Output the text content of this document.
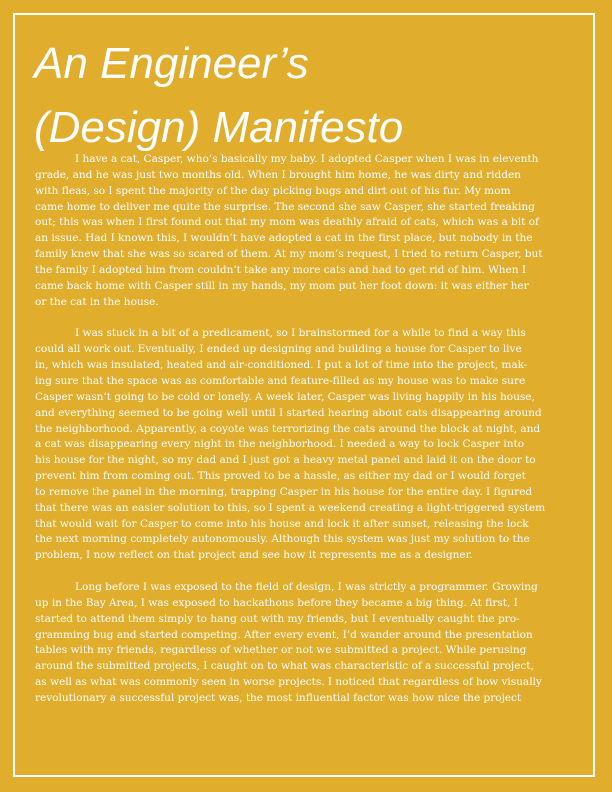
An Engineer’s
(Design) Manifesto

I have a cat, Casper, who’s basically my baby. I adopted Casper when I was in eleventh
grade, and he was just two months old. When I brought him home, he was dirty and ridden
with fleas, so I spent the majority of the day picking bugs and dirt out of his fur. My mom
came home to deliver me quite the surprise. The second she saw Casper, she started freaking
out; this was when I first found out that my mom was deathly afraid of cats, which was a bit of
an issue. Had I known this, I wouldn’t have adopted a cat in the first place, but nobody in the
family knew that she was so scared of them. At my mom’s request, I tried to return Casper, but
the family I adopted him from couldn’t take any more cats and had to get rid of him. When I
came back home with Casper still in my hands, my mom put her foot down: it was either her
or the cat in the house.

I was stuck in a bit of a predicament, so I brainstormed for a while to find a way this
could all work out. Eventually, I ended up designing and building a house for Casper to live
in, which was insulated, heated and air-conditioned. I put a lot of time into the project, mak-
ing sure that the space was as comfortable and feature-filled as my house was to make sure
Casper wasn’t going to be cold or lonely. A week later, Casper was living happily in his house,
and everything seemed to be going well until I started hearing about cats disappearing around
the neighborhood. Apparently, a coyote was terrorizing the cats around the block at night, and
a cat was disappearing every night in the neighborhood. I needed a way to lock Casper into
his house for the night, so my dad and I just got a heavy metal panel and laid it on the door to
prevent him from coming out. This proved to be a hassle, as either my dad or I would forget
to remove the panel in the morning, trapping Casper in his house for the entire day. I figured
that there was an easier solution to this, so I spent a weekend creating a light-triggered system
that would wait for Casper to come into his house and lock it after sunset, releasing the lock
the next morning completely autonomously. Although this system was just my solution to the
problem, I now reflect on that project and see how it represents me as a designer.

Long before I was exposed to the field of design, I was strictly a programmer. Growing
up in the Bay Area, I was exposed to hackathons before they became a big thing. At first, I
started to attend them simply to hang out with my friends, but I eventually caught the pro-
gramming bug and started competing. After every event, I’d wander around the presentation
tables with my friends, regardless of whether or not we submitted a project. While perusing
around the submitted projects, I caught on to what was characteristic of a successful project,
as well as what was commonly seen in worse projects. I noticed that regardless of how visually
revolutionary a successful project was, the most influential factor was how nice the project
